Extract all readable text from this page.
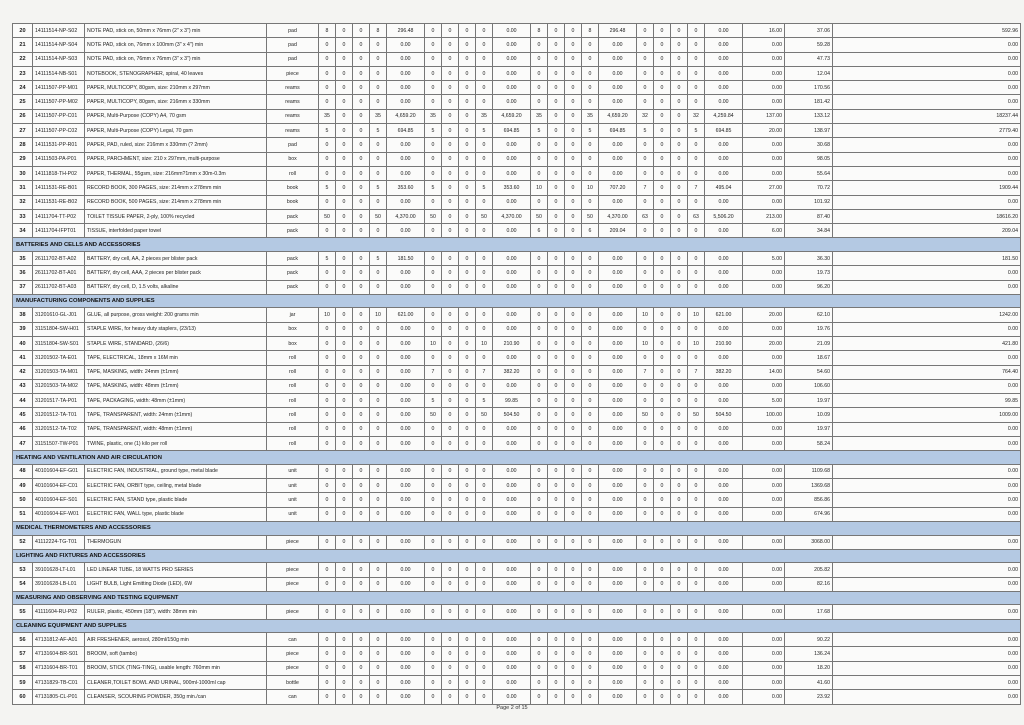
20	14111514-NP-S02	NOTE PAD, stick on, 50mm x 76mm (2" x 3") min	pad	8	0	0	8	296.48	0	0	0	0	0.00	8	0	0	8	296.48	0	0	0	0	0.00	16.00	37.06	592.96
21	14111514-NP-S04	NOTE PAD, stick on, 76mm x 100mm (3" x 4") min	pad	0	0	0	0	0.00	0	0	0	0	0.00	0	0	0	0	0.00	0	0	0	0	0.00	0.00	59.28	0.00
22	14111514-NP-S03	NOTE PAD, stick on, 76mm x 76mm (3" x 3") min	pad	0	0	0	0	0.00	0	0	0	0	0.00	0	0	0	0	0.00	0	0	0	0	0.00	0.00	47.73	0.00
23	14111514-NB-S01	NOTEBOOK, STENOGRAPHER, spiral, 40 leaves	piece	0	0	0	0	0.00	0	0	0	0	0.00	0	0	0	0	0.00	0	0	0	0	0.00	0.00	12.04	0.00
24	14111507-PP-M01	PAPER, MULTICOPY, 80gsm, size: 210mm x 297mm	reams	0	0	0	0	0.00	0	0	0	0	0.00	0	0	0	0	0.00	0	0	0	0	0.00	0.00	170.56	0.00
25	14111507-PP-M02	PAPER, MULTICOPY, 80gsm, size: 216mm x 330mm	reams	0	0	0	0	0.00	0	0	0	0	0.00	0	0	0	0	0.00	0	0	0	0	0.00	0.00	181.42	0.00
26	14111507-PP-C01	PAPER, Multi-Purpose (COPY) A4, 70 gsm	reams	35	0	0	35	4,659.20	35	0	0	35	4,659.20	35	0	0	35	4,659.20	32	0	0	32	4,259.84	137.00	133.12	18237.44
27	14111507-PP-C02	PAPER, Multi-Purpose (COPY) Legal, 70 gsm	reams	5	0	0	5	694.85	5	0	0	5	694.85	5	0	0	5	694.85	5	0	0	5	694.85	20.00	138.97	2779.40
28	14111531-PP-R01	PAPER, PAD, ruled, size: 216mm x 330mm (? 2mm)	pad	0	0	0	0	0.00	0	0	0	0	0.00	0	0	0	0	0.00	0	0	0	0	0.00	0.00	30.68	0.00
29	14111503-PA-P01	PAPER, PARCHMENT, size: 210 x 297mm, multi-purpose	box	0	0	0	0	0.00	0	0	0	0	0.00	0	0	0	0	0.00	0	0	0	0	0.00	0.00	98.05	0.00
30	14111818-TH-P02	PAPER, THERMAL, 55gsm, size: 216mm?1mm x 30m-0.3m	roll	0	0	0	0	0.00	0	0	0	0	0.00	0	0	0	0	0.00	0	0	0	0	0.00	0.00	55.64	0.00
31	14111531-RE-B01	RECORD BOOK, 300 PAGES, size: 214mm x 278mm min	book	5	0	0	5	353.60	5	0	0	5	353.60	10	0	0	10	707.20	7	0	0	7	495.04	27.00	70.72	1909.44
32	14111531-RE-B02	RECORD BOOK, 500 PAGES, size: 214mm x 278mm min	book	0	0	0	0	0.00	0	0	0	0	0.00	0	0	0	0	0.00	0	0	0	0	0.00	0.00	101.92	0.00
33	14111704-TT-P02	TOILET TISSUE PAPER, 2-ply, 100% recycled	pack	50	0	0	50	4,370.00	50	0	0	50	4,370.00	50	0	0	50	4,370.00	63	0	0	63	5,506.20	213.00	87.40	18616.20
34	14111704-IFPT01	TISSUE, interfolded paper towel	pack	0	0	0	0	0.00	0	0	0	0	0.00	6	0	0	6	209.04	0	0	0	0	0.00	6.00	34.84	209.04
BATTERIES AND CELLS AND ACCESSORIES																										
35	26111702-BT-A02	BATTERY, dry cell, AA, 2 pieces per blister pack	pack	5	0	0	5	181.50	0	0	0	0	0.00	0	0	0	0	0.00	0	0	0	0	0.00	5.00	36.30	181.50
36	26111702-BT-A01	BATTERY, dry cell, AAA, 2 pieces per blister pack	pack	0	0	0	0	0.00	0	0	0	0	0.00	0	0	0	0	0.00	0	0	0	0	0.00	0.00	19.73	0.00
37	26111702-BT-A03	BATTERY, dry cell, D, 1.5 volts, alkaline	pack	0	0	0	0	0.00	0	0	0	0	0.00	0	0	0	0	0.00	0	0	0	0	0.00	0.00	96.20	0.00
MANUFACTURING COMPONENTS AND SUPPLIES																										
38	31201610-GL-J01	GLUE, all purpose, gross weight: 200 grams min	jar	10	0	0	10	621.00	0	0	0	0	0.00	0	0	0	0	0.00	10	0	0	10	621.00	20.00	62.10	1242.00
39	31151804-SW-H01	STAPLE WIRE, for heavy duty staplers, (23/13)	box	0	0	0	0	0.00	0	0	0	0	0.00	0	0	0	0	0.00	0	0	0	0	0.00	0.00	19.76	0.00
40	31151804-SW-S01	STAPLE WIRE, STANDARD, (26/6)	box	0	0	0	0	0.00	10	0	0	10	210.90	0	0	0	0	0.00	10	0	0	10	210.90	20.00	21.09	421.80
41	31201502-TA-E01	TAPE, ELECTRICAL, 18mm x 16M min	roll	0	0	0	0	0.00	0	0	0	0	0.00	0	0	0	0	0.00	0	0	0	0	0.00	0.00	18.67	0.00
42	31201503-TA-M01	TAPE, MASKING, width: 24mm (±1mm)	roll	0	0	0	0	0.00	7	0	0	7	382.20	0	0	0	0	0.00	7	0	0	7	382.20	14.00	54.60	764.40
43	31201503-TA-M02	TAPE, MASKING, width: 48mm (±1mm)	roll	0	0	0	0	0.00	0	0	0	0	0.00	0	0	0	0	0.00	0	0	0	0	0.00	0.00	106.60	0.00
44	31201517-TA-P01	TAPE, PACKAGING, width: 48mm (±1mm)	roll	0	0	0	0	0.00	5	0	0	5	99.85	0	0	0	0	0.00	0	0	0	0	0.00	5.00	19.97	99.85
45	31201512-TA-T01	TAPE, TRANSPARENT, width: 24mm (±1mm)	roll	0	0	0	0	0.00	50	0	0	50	504.50	0	0	0	0	0.00	50	0	0	50	504.50	100.00	10.09	1009.00
46	31201512-TA-T02	TAPE, TRANSPARENT, width: 48mm (±1mm)	roll	0	0	0	0	0.00	0	0	0	0	0.00	0	0	0	0	0.00	0	0	0	0	0.00	0.00	19.97	0.00
47	31151507-TW-P01	TWINE, plastic, one (1) kilo per roll	roll	0	0	0	0	0.00	0	0	0	0	0.00	0	0	0	0	0.00	0	0	0	0	0.00	0.00	58.24	0.00
HEATING AND VENTILATION AND AIR CIRCULATION																										
48	40101604-EF-G01	ELECTRIC FAN, INDUSTRIAL, ground type, metal blade	unit	0	0	0	0	0.00	0	0	0	0	0.00	0	0	0	0	0.00	0	0	0	0	0.00	0.00	1109.68	0.00
49	40101604-EF-C01	ELECTRIC FAN, ORBIT type, ceiling, metal blade	unit	0	0	0	0	0.00	0	0	0	0	0.00	0	0	0	0	0.00	0	0	0	0	0.00	0.00	1369.68	0.00
50	40101604-EF-S01	ELECTRIC FAN, STAND type, plastic blade	unit	0	0	0	0	0.00	0	0	0	0	0.00	0	0	0	0	0.00	0	0	0	0	0.00	0.00	856.86	0.00
51	40101604-EF-W01	ELECTRIC FAN, WALL type, plastic blade	unit	0	0	0	0	0.00	0	0	0	0	0.00	0	0	0	0	0.00	0	0	0	0	0.00	0.00	674.96	0.00
MEDICAL THERMOMETERS AND ACCESSORIES																										
52	41112224-TG-T01	THERMOGUN	piece	0	0	0	0	0.00	0	0	0	0	0.00	0	0	0	0	0.00	0	0	0	0	0.00	0.00	3068.00	0.00
LIGHTING AND FIXTURES AND ACCESSORIES																										
53	39101628-LT-L01	LED LINEAR TUBE, 18 WATTS PRO SERIES	piece	0	0	0	0	0.00	0	0	0	0	0.00	0	0	0	0	0.00	0	0	0	0	0.00	0.00	205.82	0.00
54	39101628-LB-L01	LIGHT BULB, Light Emitting Diode (LED), 6W	piece	0	0	0	0	0.00	0	0	0	0	0.00	0	0	0	0	0.00	0	0	0	0	0.00	0.00	82.16	0.00
MEASURING AND OBSERVING AND TESTING EQUIPMENT																										
55	41111604-RU-P02	RULER, plastic, 450mm (18"), width: 38mm min	piece	0	0	0	0	0.00	0	0	0	0	0.00	0	0	0	0	0.00	0	0	0	0	0.00	0.00	17.68	0.00
CLEANING EQUIPMENT AND SUPPLIES																										
56	47131812-AF-A01	AIR FRESHENER, aerosol, 280ml/150g min	can	0	0	0	0	0.00	0	0	0	0	0.00	0	0	0	0	0.00	0	0	0	0	0.00	0.00	90.22	0.00
57	47131604-BR-S01	BROOM, soft (tambo)	piece	0	0	0	0	0.00	0	0	0	0	0.00	0	0	0	0	0.00	0	0	0	0	0.00	0.00	136.24	0.00
58	47131604-BR-T01	BROOM, STICK (TING-TING), usable length: 760mm min	piece	0	0	0	0	0.00	0	0	0	0	0.00	0	0	0	0	0.00	0	0	0	0	0.00	0.00	18.20	0.00
59	47131829-TB-C01	CLEANER,TOILET BOWL AND URINAL, 900ml-1000ml cap	bottle	0	0	0	0	0.00	0	0	0	0	0.00	0	0	0	0	0.00	0	0	0	0	0.00	0.00	41.60	0.00
60	47131805-CL-P01	CLEANSER, SCOURING POWDER, 350g min./can	can	0	0	0	0	0.00	0	0	0	0	0.00	0	0	0	0	0.00	0	0	0	0	0.00	0.00	23.92	0.00
Page 2 of 15
